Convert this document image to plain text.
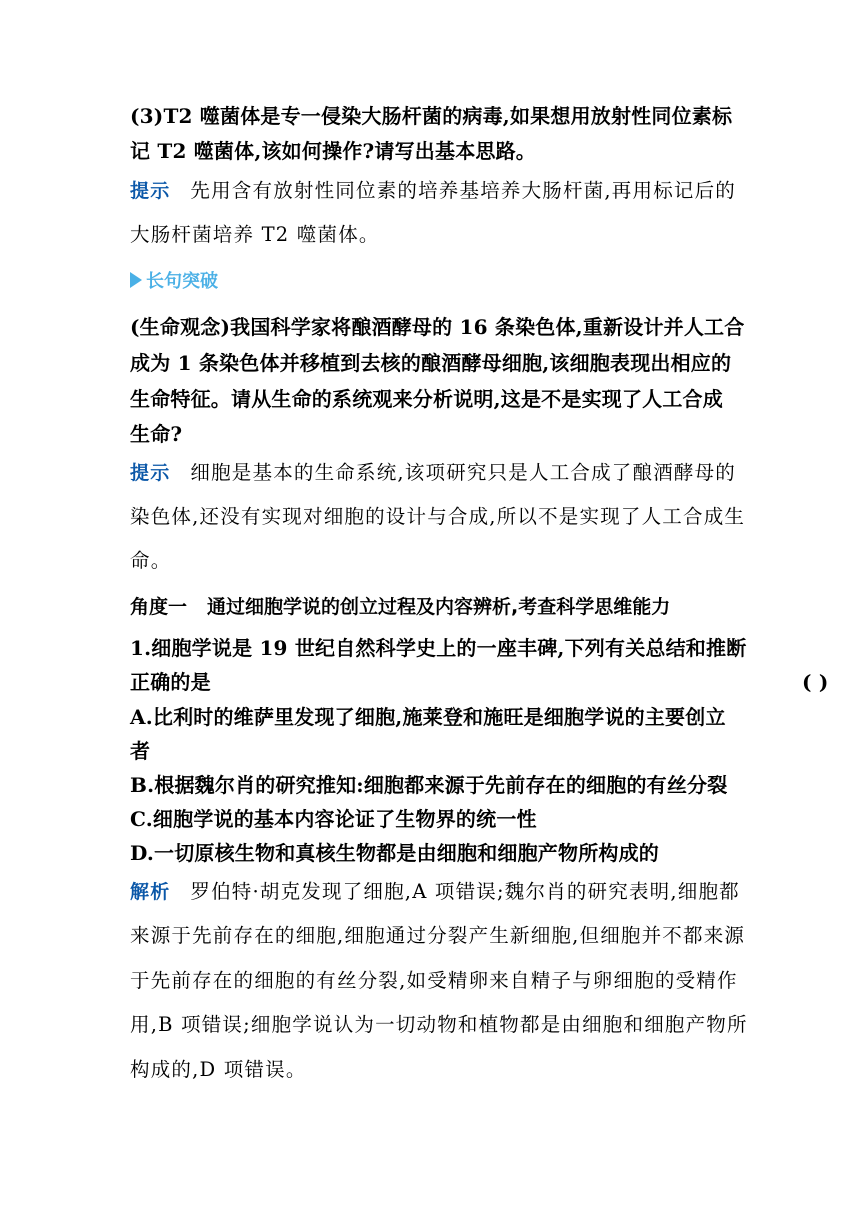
(3)T2 噬菌体是专一侵染大肠杆菌的病毒,如果想用放射性同位素标
记 T2 噬菌体,该如何操作?请写出基本思路。
提示 先用含有放射性同位素的培养基培养大肠杆菌,再用标记后的
大肠杆菌培养 T2 噬菌体。
长句突破
(生命观念)我国科学家将酿酒酵母的 16 条染色体,重新设计并人工合
成为 1 条染色体并移植到去核的酿酒酵母细胞,该细胞表现出相应的
生命特征。请从生命的系统观来分析说明,这是不是实现了人工合成
生命?
提示 细胞是基本的生命系统,该项研究只是人工合成了酿酒酵母的
染色体,还没有实现对细胞的设计与合成,所以不是实现了人工合成生
命。
角度一 通过细胞学说的创立过程及内容辨析,考查科学思维能力
1.细胞学说是 19 世纪自然科学史上的一座丰碑,下列有关总结和推断
正确的是	( )
A.比利时的维萨里发现了细胞,施莱登和施旺是细胞学说的主要创立
者
B.根据魏尔肖的研究推知:细胞都来源于先前存在的细胞的有丝分裂
C.细胞学说的基本内容论证了生物界的统一性
D.一切原核生物和真核生物都是由细胞和细胞产物所构成的
解析 罗伯特·胡克发现了细胞,A 项错误;魏尔肖的研究表明,细胞都
来源于先前存在的细胞,细胞通过分裂产生新细胞,但细胞并不都来源
于先前存在的细胞的有丝分裂,如受精卵来自精子与卵细胞的受精作
用,B 项错误;细胞学说认为一切动物和植物都是由细胞和细胞产物所
构成的,D 项错误。
